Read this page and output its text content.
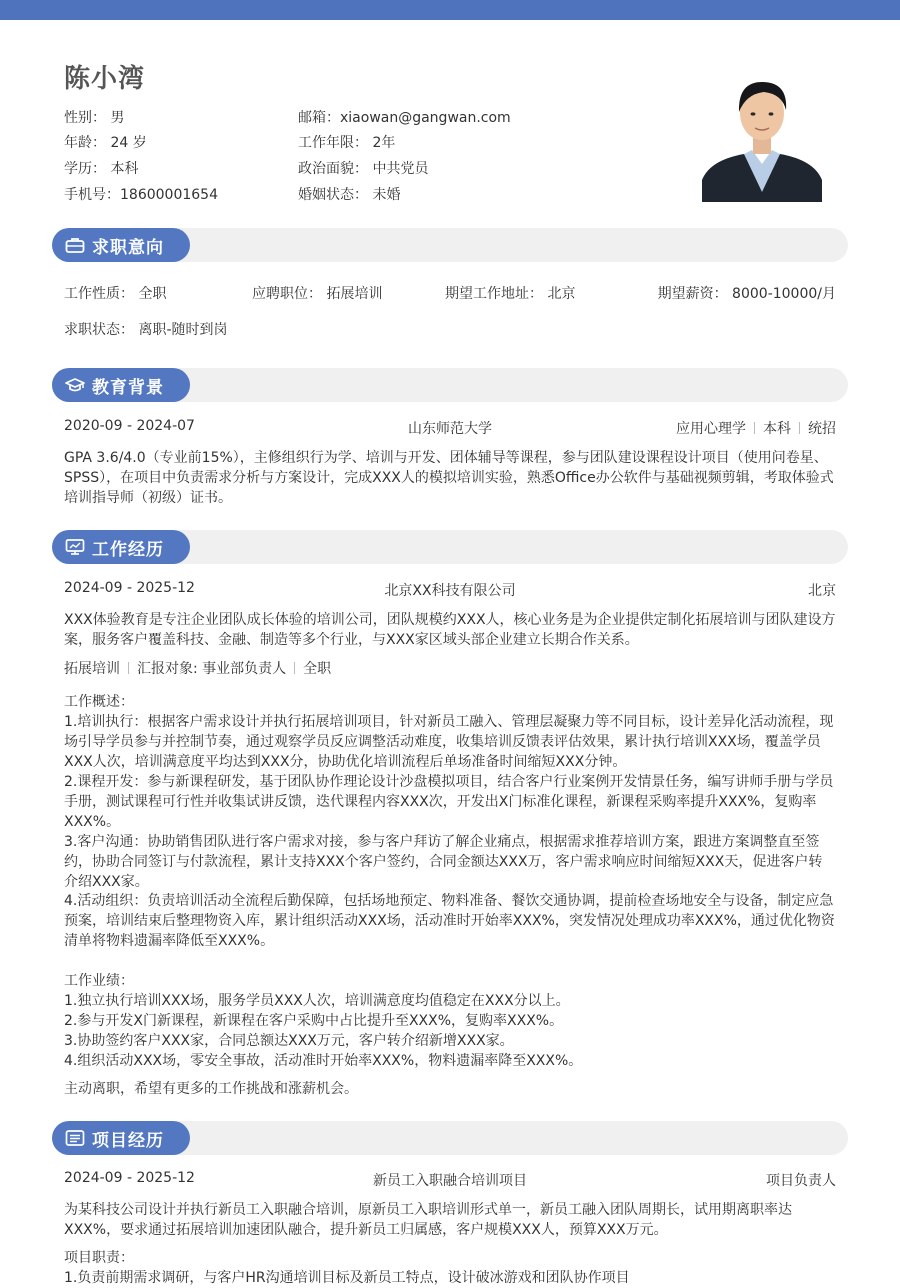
陈小湾
性别： 男
年龄： 24 岁
学历： 本科
手机号：18600001654
邮箱：xiaowan@gangwan.com
工作年限： 2年
政治面貌： 中共党员
婚姻状态： 未婚
求职意向
工作性质： 全职	应聘职位： 拓展培训	期望工作地址： 北京	期望薪资： 8000-10000/月
求职状态： 离职-随时到岗
教育背景
2020-09 - 2024-07	山东师范大学	应用心理学 本科 统招
GPA 3.6/4.0（专业前15%），主修组织行为学、培训与开发、团体辅导等课程，参与团队建设课程设计项目（使用问卷星、SPSS），在项目中负责需求分析与方案设计，完成XXX人的模拟培训实验，熟悉Office办公软件与基础视频剪辑，考取体验式培训指导师（初级）证书。
工作经历
2024-09 - 2025-12	北京XX科技有限公司	北京
XXX体验教育是专注企业团队成长体验的培训公司，团队规模约XXX人，核心业务是为企业提供定制化拓展培训与团队建设方案，服务客户覆盖科技、金融、制造等多个行业，与XXX家区域头部企业建立长期合作关系。
拓展培训 汇报对象: 事业部负责人 全职
工作概述：
1.培训执行：根据客户需求设计并执行拓展培训项目，针对新员工融入、管理层凝聚力等不同目标，设计差异化活动流程，现场引导学员参与并控制节奏，通过观察学员反应调整活动难度，收集培训反馈表评估效果，累计执行培训XXX场，覆盖学员XXX人次，培训满意度平均达到XXX分，协助优化培训流程后单场准备时间缩短XXX分钟。
2.课程开发：参与新课程研发，基于团队协作理论设计沙盘模拟项目，结合客户行业案例开发情景任务，编写讲师手册与学员手册，测试课程可行性并收集试讲反馈，迭代课程内容XXX次，开发出X门标准化课程，新课程采购率提升XXX%，复购率XXX%。
3.客户沟通：协助销售团队进行客户需求对接，参与客户拜访了解企业痛点，根据需求推荐培训方案，跟进方案调整直至签约，协助合同签订与付款流程，累计支持XXX个客户签约，合同金额达XXX万，客户需求响应时间缩短XXX天，促进客户转介绍XXX家。
4.活动组织：负责培训活动全流程后勤保障，包括场地预定、物料准备、餐饮交通协调，提前检查场地安全与设备，制定应急预案，培训结束后整理物资入库，累计组织活动XXX场，活动准时开始率XXX%，突发情况处理成功率XXX%，通过优化物资清单将物料遗漏率降低至XXX%。
工作业绩：
1.独立执行培训XXX场，服务学员XXX人次，培训满意度均值稳定在XXX分以上。
2.参与开发X门新课程，新课程在客户采购中占比提升至XXX%，复购率XXX%。
3.协助签约客户XXX家，合同总额达XXX万元，客户转介绍新增XXX家。
4.组织活动XXX场，零安全事故，活动准时开始率XXX%，物料遗漏率降至XXX%。
主动离职，希望有更多的工作挑战和涨薪机会。
项目经历
2024-09 - 2025-12	新员工入职融合培训项目	项目负责人
为某科技公司设计并执行新员工入职融合培训，原新员工入职培训形式单一，新员工融入团队周期长，试用期离职率达XXX%，要求通过拓展培训加速团队融合，提升新员工归属感，客户规模XXX人，预算XXX万元。
项目职责：
1.负责前期需求调研，与客户HR沟通培训目标及新员工特点，设计破冰游戏和团队协作项目
